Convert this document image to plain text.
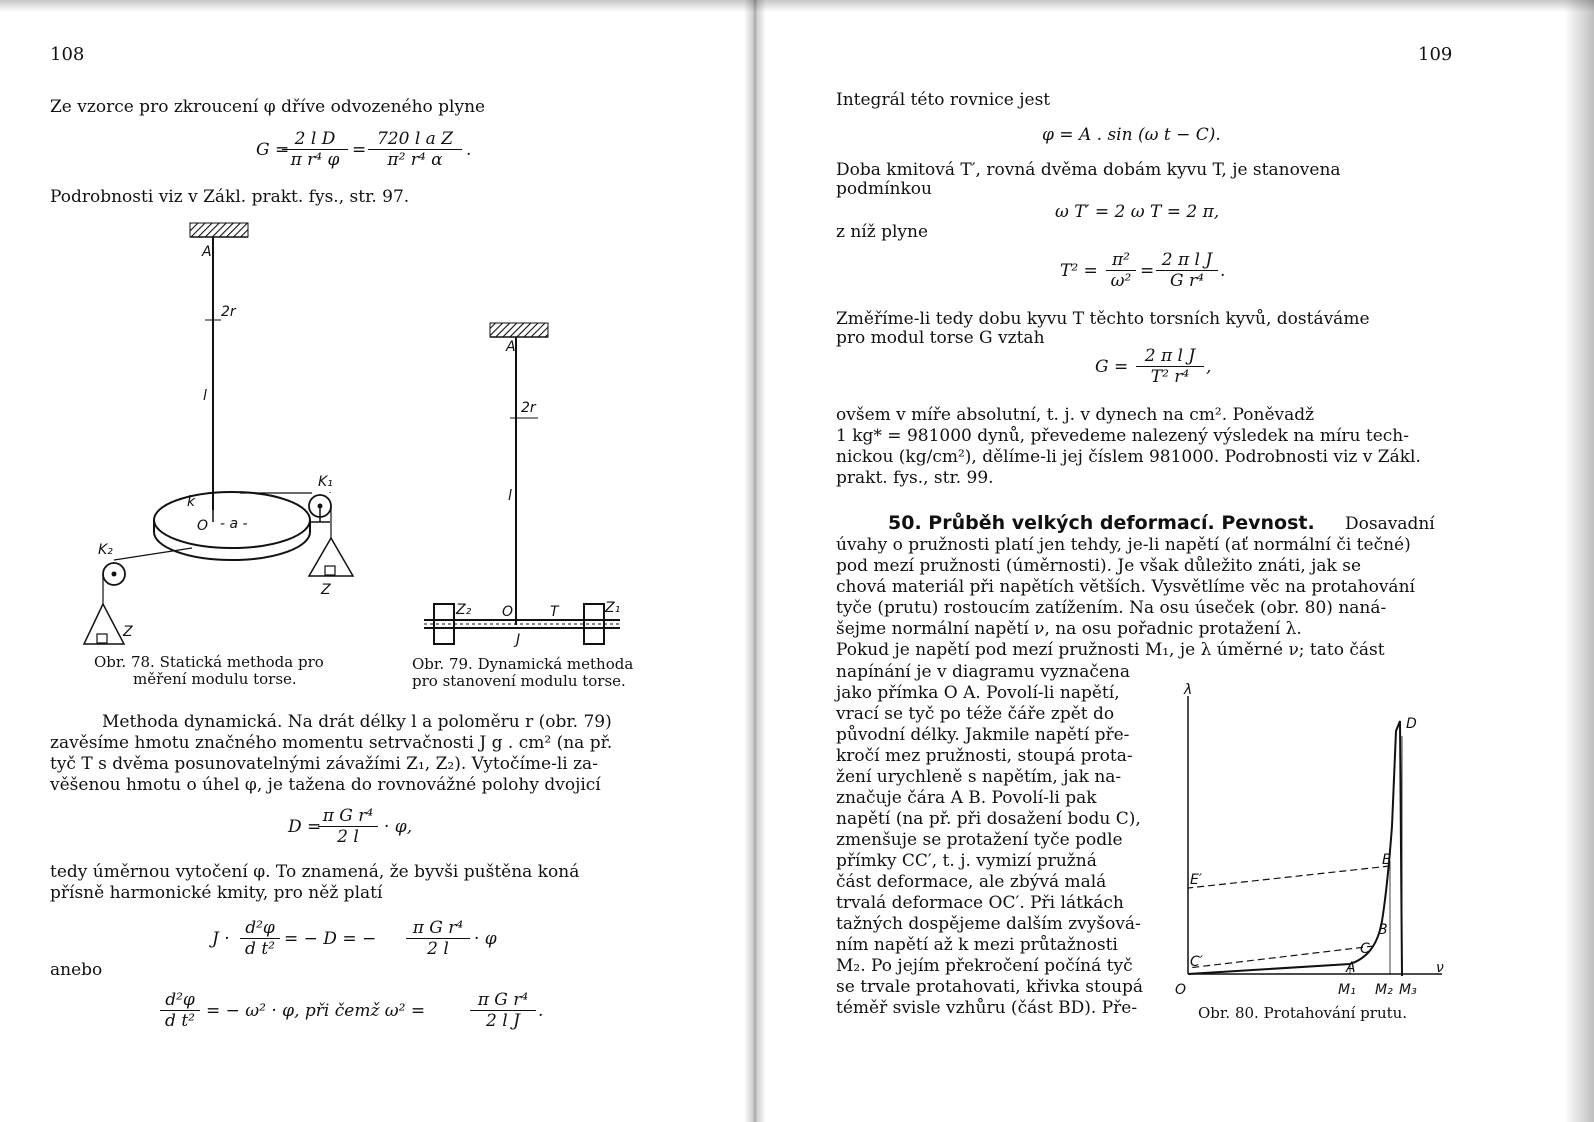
108
Ze vzorce pro zkroucení φ dříve odvozeného plyne
G =
$\frac{\text{2 l D}}{\text{π r⁴ φ}} = \frac{\text{720 l a Z}}{\text{π² r⁴ α}}$ .
Podrobnosti viz v Zákl. prakt. fys., str. 97.
A
2r
l
k
O - a -
K₁
Z
K₂
Z
A
2r
l
Z₂ O	T	Z₁
J
Obr. 78. Statická methoda pro
měření modulu torse.
Obr. 79. Dynamická methoda
pro stanovení modulu torse.
Methoda dynamická. Na drát délky l a poloměru r (obr. 79)
zavěsíme hmotu značného momentu setrvačnosti J g . cm² (na př.
tyč T s dvěma posunovatelnými závažími Z₁, Z₂). Vytočíme-li za-
věšenou hmotu o úhel φ, je tažena do rovnovážné polohy dvojicí
D =
$\frac{\text{π G r⁴}}{2 l} \cdot \varphi$,
tedy úměrnou vytočení φ. To znamená, že byvši puštěna koná
přísně harmonické kmity, pro něž platí
$J \cdot \frac{\text{d²φ}}{\text{d t²}}$ = − D = − $\frac{\text{π G r⁴}}{2 l} \cdot \varphi$
anebo
$\frac{\text{d²φ}}{\text{d t²}}$ = − ω² · φ, při čemž ω² =	$\frac{\text{π G r⁴}}{\text{2 l J}}$ .
109
Integrál této rovnice jest
φ = A . sin (ω t − C).
Doba kmitová T′, rovná dvěma dobám kyvu T, je stanovena
podmínkou
ω T′ = 2 ω T = 2 π,
z níž plyne
$T^2 = \frac{\text{π²}}{\text{ω²}} = \frac{\text{2 π l J}}{\text{G r⁴}}$ .
Změříme-li tedy dobu kyvu T těchto torsních kyvů, dostáváme
pro modul torse G vztah
$G = \frac{\text{2 π l J}}{\text{T² r⁴}}$ ,
ovšem v míře absolutní, t. j. v dynech na cm². Poněvadž
1 kg* = 981000 dynů, převedeme nalezený výsledek na míru tech-
nickou (kg/cm²), dělíme-li jej číslem 981000. Podrobnosti viz v Zákl.
prakt. fys., str. 99.
50. Průběh velkých deformací. Pevnost. Dosavadní
úvahy o pružnosti platí jen tehdy, je-li napětí (ať normální či tečné)
pod mezí pružnosti (úměrnosti). Je však důležito znáti, jak se
chová materiál při napětích větších. Vysvětlíme věc na protahování
tyče (prutu) rostoucím zatížením. Na osu úseček (obr. 80) naná-
šejme normální napětí ν, na osu pořadnic protažení λ.
Pokud je napětí pod mezí pružnosti M₁, je λ úměrné ν; tato část
napínání je v diagramu vyznačena
jako přímka O A. Povolí-li napětí,
vrací se tyč po téže čáře zpět do
původní délky. Jakmile napětí pře-
kročí mez pružnosti, stoupá prota-
žení urychleně s napětím, jak na-
značuje čára A B. Povolí-li pak
napětí (na př. při dosažení bodu C),
zmenšuje se protažení tyče podle
přímky CC′, t. j. vymizí pružná
část deformace, ale zbývá malá
trvalá deformace OC′. Při látkách
tažných dospějeme dalším zvyšová-
ním napětí až k mezi průtažnosti
M₂. Po jejím překročení počíná tyč
se trvale protahovati, křivka stoupá
téměř svisle vzhůru (část BD). Pře-
λ
ν
O
D
E
E′
B
C
C′	A
M₁ M₂ M₃
Obr. 80. Protahování prutu.
